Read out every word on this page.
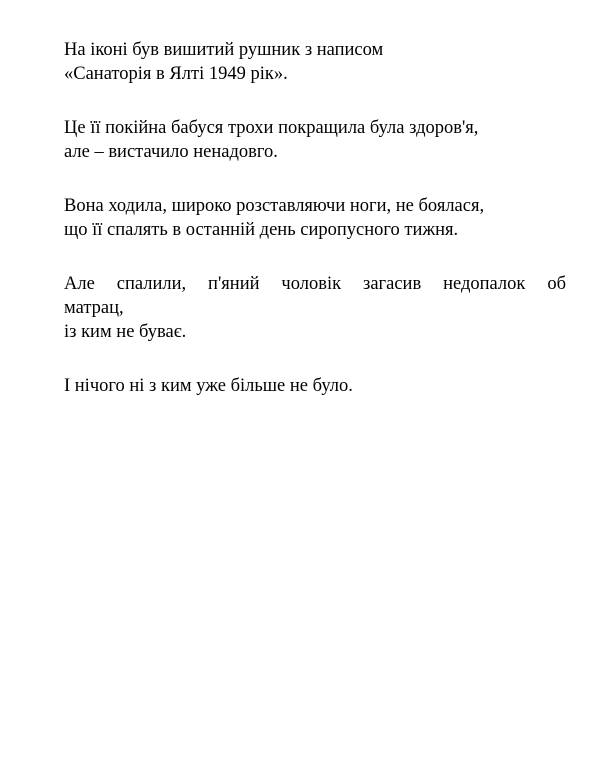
На іконі був вишитий рушник з написом
«Санаторія в Ялті 1949 рік».
Це її покійна бабуся трохи покращила була здоров'я,
але – вистачило ненадовго.
Вона ходила, широко розставляючи ноги, не боялася,
що її спалять в останній день сиропусного тижня.
Але спалили, п'яний чоловік загасив недопалок об
матрац,
із ким не буває.
І нічого ні з ким уже більше не було.
